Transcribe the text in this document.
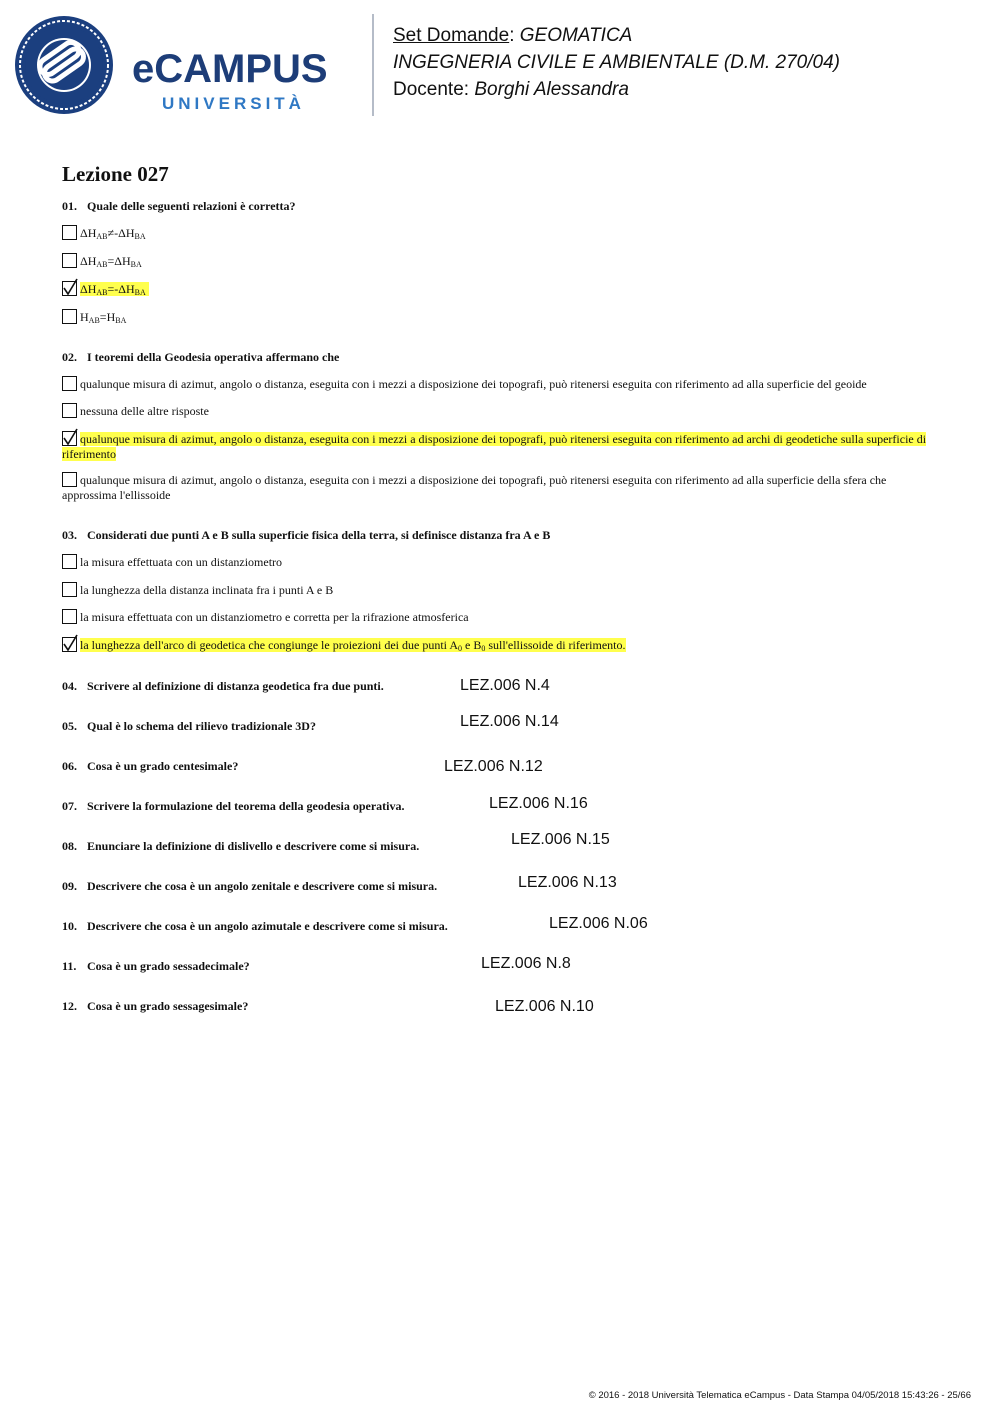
eCAMPUS
UNIVERSITÀ
Set Domande: GEOMATICA
INGEGNERIA CIVILE E AMBIENTALE (D.M. 270/04)
Docente: Borghi Alessandra
Lezione 027
01. Quale delle seguenti relazioni è corretta?
$\Delta H_{AB}\ne-\Delta H_{BA}$
$\Delta H_{AB}=\Delta H_{BA}$
$\Delta H_{AB}=-\Delta H_{BA}$
$H_{AB}=H_{BA}$
02. I teoremi della Geodesia operativa affermano che
qualunque misura di azimut, angolo o distanza, eseguita con i mezzi a disposizione dei topografi, può ritenersi eseguita con riferimento ad alla superficie del geoide
nessuna delle altre risposte
qualunque misura di azimut, angolo o distanza, eseguita con i mezzi a disposizione dei topografi, può ritenersi eseguita con riferimento ad archi di geodetiche sulla superficie di riferimento
qualunque misura di azimut, angolo o distanza, eseguita con i mezzi a disposizione dei topografi, può ritenersi eseguita con riferimento ad alla superficie della sfera che approssima l'ellissoide
03. Considerati due punti A e B sulla superficie fisica della terra, si definisce distanza fra A e B
la misura effettuata con un distanziometro
la lunghezza della distanza inclinata fra i punti A e B
la misura effettuata con un distanziometro e corretta per la rifrazione atmosferica
la lunghezza dell'arco di geodetica che congiunge le proiezioni dei due punti $A_0$ e $B_0$ sull'ellissoide di riferimento.
04. Scrivere al definizione di distanza geodetica fra due punti.	LEZ.006 N.4
05. Qual è lo schema del rilievo tradizionale 3D?	LEZ.006 N.14
06. Cosa è un grado centesimale?	LEZ.006 N.12
07. Scrivere la formulazione del teorema della geodesia operativa.	LEZ.006 N.16
08. Enunciare la definizione di dislivello e descrivere come si misura.	LEZ.006 N.15
09. Descrivere che cosa è un angolo zenitale e descrivere come si misura.	LEZ.006 N.13
10. Descrivere che cosa è un angolo azimutale e descrivere come si misura.	LEZ.006 N.06
11. Cosa è un grado sessadecimale?	LEZ.006 N.8
12. Cosa è un grado sessagesimale?	LEZ.006 N.10
© 2016 - 2018 Università Telematica eCampus - Data Stampa 04/05/2018 15:43:26 - 25/66
